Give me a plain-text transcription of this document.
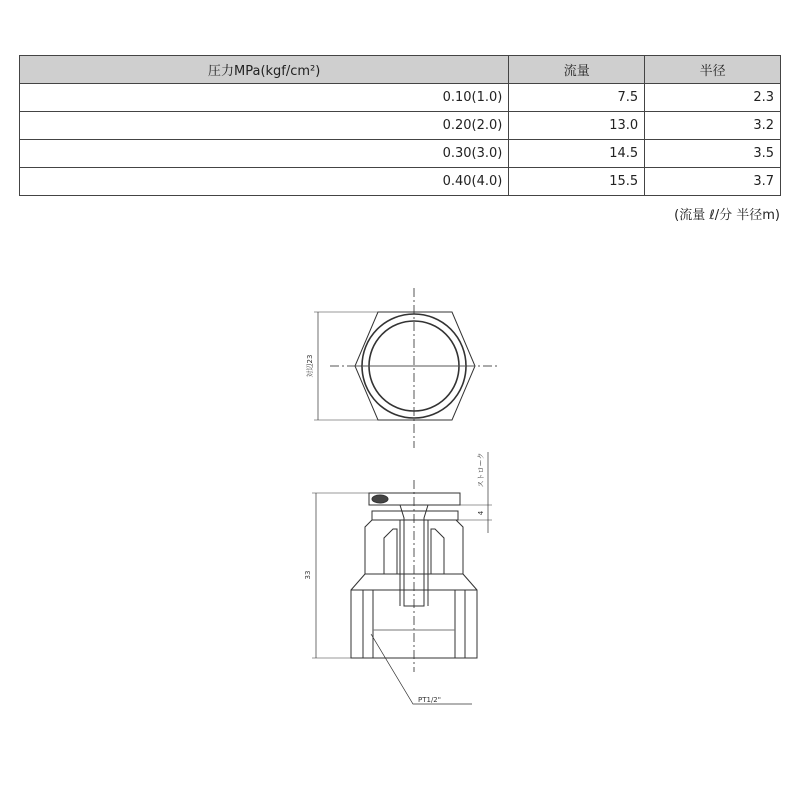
圧力MPa(kgf/cm²)	流量	半径
0.10(1.0)	7.5	2.3
0.20(2.0)	13.0	3.2
0.30(3.0)	14.5	3.5
0.40(4.0)	15.5	3.7
(流量 ℓ/分 半径m)
対辺23
33
ストローク
4
PT1/2"
